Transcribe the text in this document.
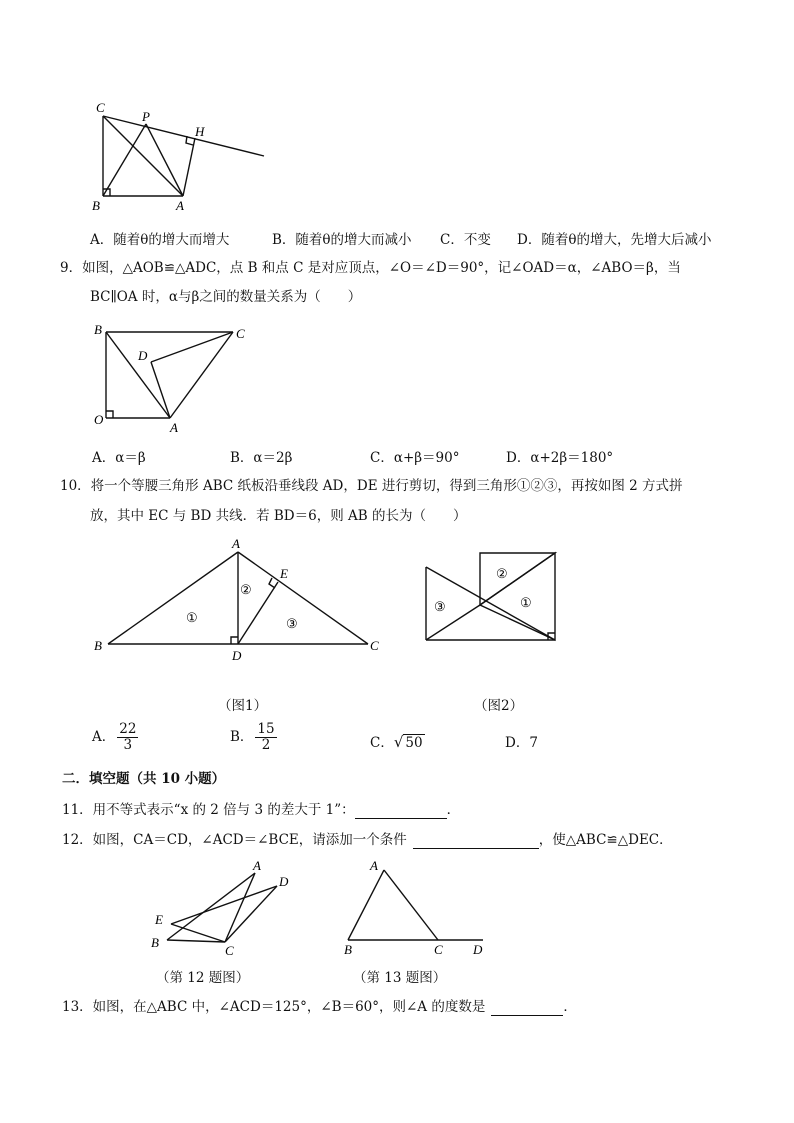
C
P
H
B	A
A．随着θ的增大而增大	B．随着θ的增大而减小 C．不变 D．随着θ的增大，先增大后减小
9．如图，△AOB≌△ADC，点 B 和点 C 是对应顶点，∠O＝∠D＝90°，记∠OAD＝α，∠ABO＝β，当
BC∥OA 时，α与β之间的数量关系为（　　）
B	C
D
O
A
A．α＝β	B．α＝2β	C．α+β＝90°	D．α+2β＝180°
10．将一个等腰三角形 ABC 纸板沿垂线段 AD，DE 进行剪切，得到三角形①②③，再按如图 2 方式拼
放，其中 EC 与 BD 共线．若 BD＝6，则 AB 的长为（　　）
A
E
B
D
C
①
②
③
②
③	①
（图1）	（图2）
A． $\frac{22}{3}$	B． $\frac{15}{2}$	C．√ 50	D．7
二．填空题（共 10 小题）
11．用不等式表示“x 的 2 倍与 3 的差大于 1”：	．
12．如图，CA＝CD，∠ACD＝∠BCE，请添加一个条件	，使△ABC≌△DEC．
A
D
E
B
C
A
B	C D
（第 12 题图）	（第 13 题图）
13．如图，在△ABC 中，∠ACD＝125°，∠B＝60°，则∠A 的度数是	．
